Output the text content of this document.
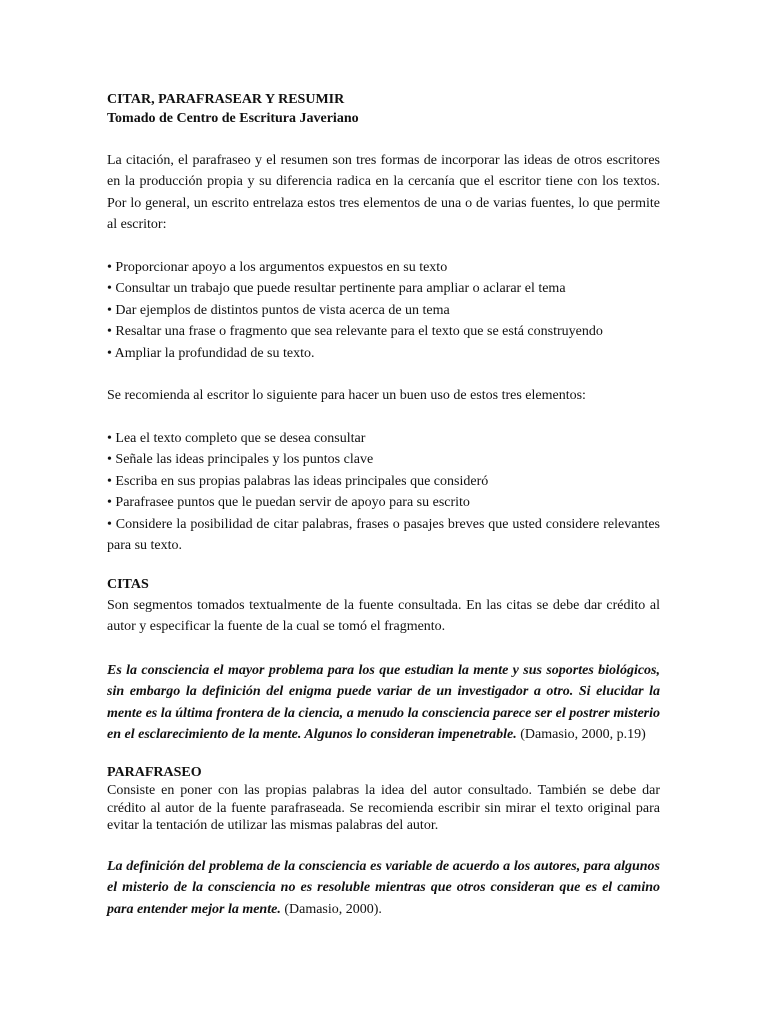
CITAR, PARAFRASEAR Y RESUMIR
Tomado de Centro de Escritura Javeriano

La citación, el parafraseo y el resumen son tres formas de incorporar las ideas de otros escritores en la producción propia y su diferencia radica en la cercanía que el escritor tiene con los textos. Por lo general, un escrito entrelaza estos tres elementos de una o de varias fuentes, lo que permite al escritor:

• Proporcionar apoyo a los argumentos expuestos en su texto
• Consultar un trabajo que puede resultar pertinente para ampliar o aclarar el tema
• Dar ejemplos de distintos puntos de vista acerca de un tema
• Resaltar una frase o fragmento que sea relevante para el texto que se está construyendo
• Ampliar la profundidad de su texto.

Se recomienda al escritor lo siguiente para hacer un buen uso de estos tres elementos:

• Lea el texto completo que se desea consultar
• Señale las ideas principales y los puntos clave
• Escriba en sus propias palabras las ideas principales que consideró
• Parafrasee puntos que le puedan servir de apoyo para su escrito
• Considere la posibilidad de citar palabras, frases o pasajes breves que usted considere relevantes para su texto.
CITAS

Son segmentos tomados textualmente de la fuente consultada. En las citas se debe dar crédito al autor y especificar la fuente de la cual se tomó el fragmento.

Es la consciencia el mayor problema para los que estudian la mente y sus soportes biológicos, sin embargo la definición del enigma puede variar de un investigador a otro. Si elucidar la mente es la última frontera de la ciencia, a menudo la consciencia parece ser el postrer misterio en el esclarecimiento de la mente. Algunos lo consideran impenetrable. (Damasio, 2000, p.19)

PARAFRASEO

Consiste en poner con las propias palabras la idea del autor consultado. También se debe dar crédito al autor de la fuente parafraseada. Se recomienda escribir sin mirar el texto original para evitar la tentación de utilizar las mismas palabras del autor.

La definición del problema de la consciencia es variable de acuerdo a los autores, para algunos el misterio de la consciencia no es resoluble mientras que otros consideran que es el camino para entender mejor la mente. (Damasio, 2000).
